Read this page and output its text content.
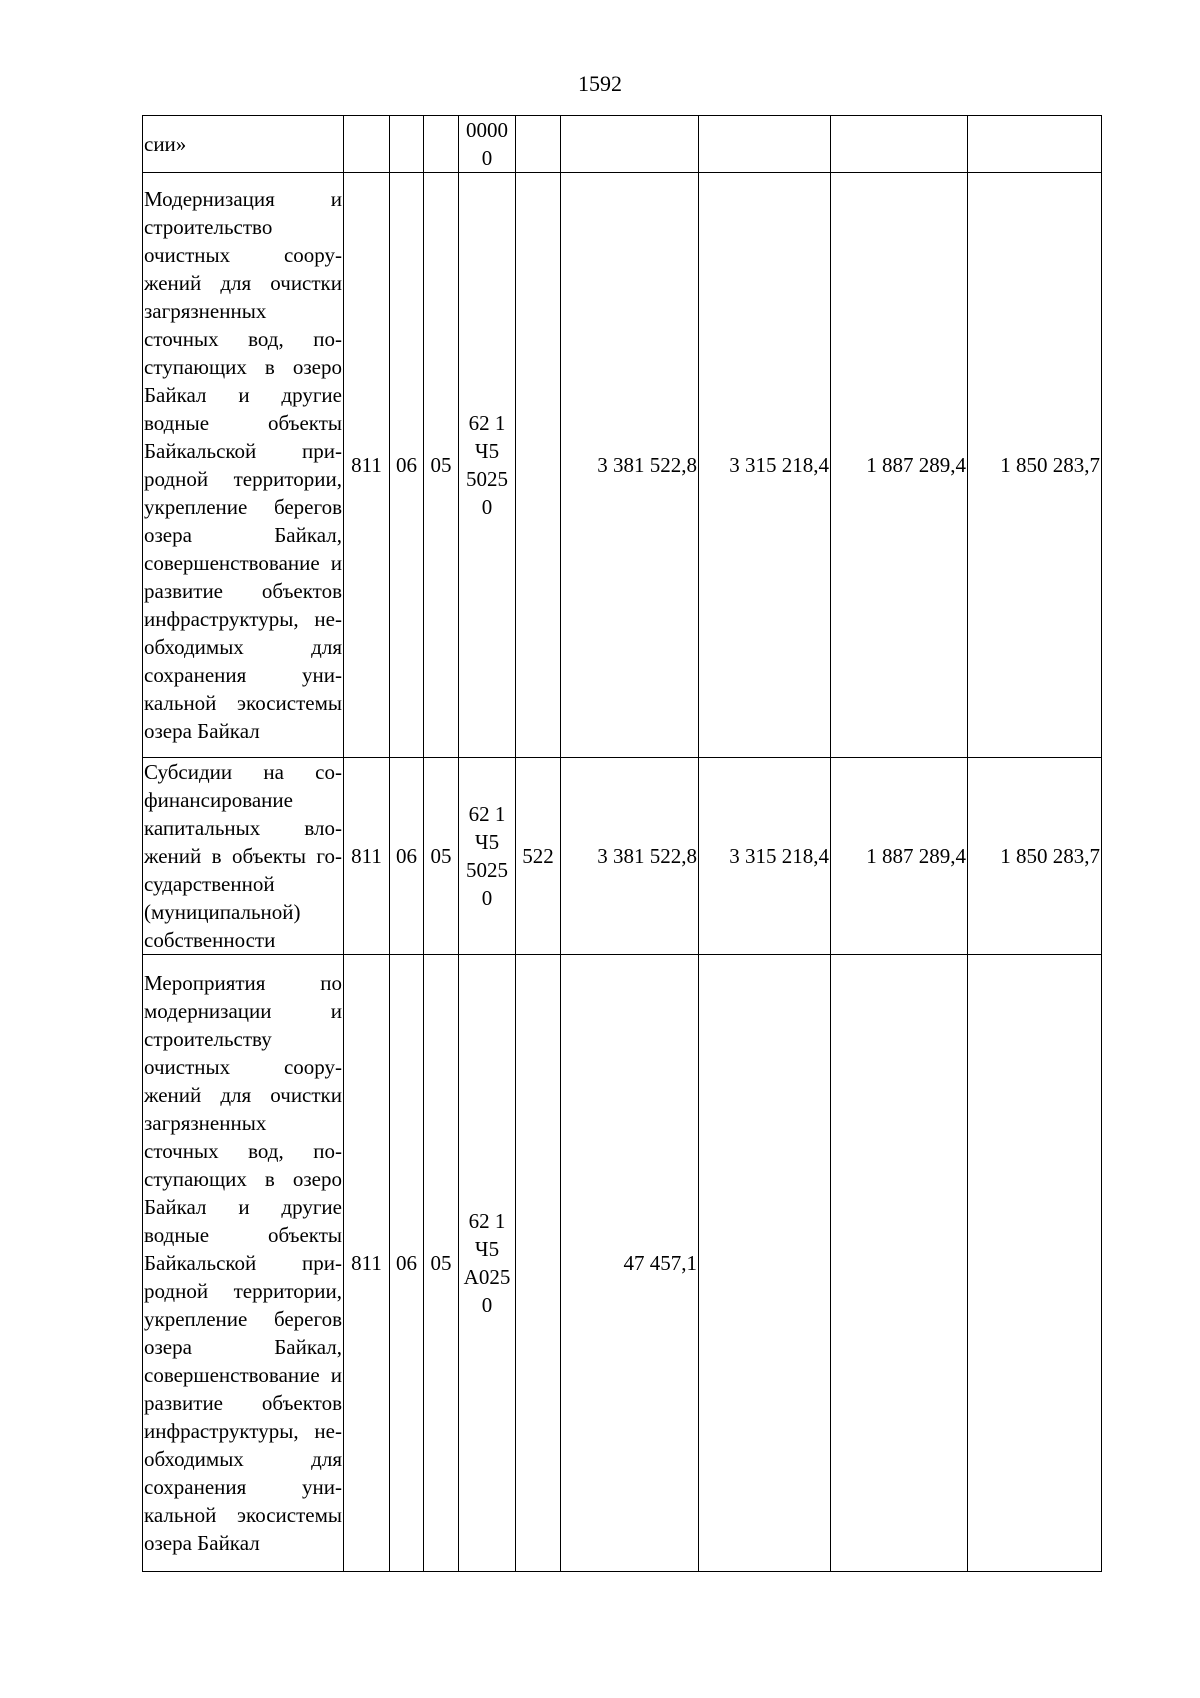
1592
сии»				0000 0					
Модернизация и строительство очистных сооружений для очистки загрязненных сточных вод, поступающих в озеро Байкал и другие водные объекты Байкальской природной территории, укрепление берегов озера Байкал, совершенствование и развитие объектов инфраструктуры, необходимых для сохранения уникальной экосистемы озера Байкал	811	06	05	62 1 Ч5 5025 0		3 381 522,8	3 315 218,4	1 887 289,4	1 850 283,7
Субсидии на софинансирование капитальных вложений в объекты го-сударственной (муниципальной) собственности	811	06	05	62 1 Ч5 5025 0	522	3 381 522,8	3 315 218,4	1 887 289,4	1 850 283,7
Мероприятия по модернизации и строительству очистных сооружений для очистки загрязненных сточных вод, поступающих в озеро Байкал и другие водные объекты Байкальской природной территории, укрепление берегов озера Байкал, совершенствование и развитие объектов инфраструктуры, необходимых для сохранения уникальной экосистемы озера Байкал	811	06	05	62 1 Ч5 А025 0		47 457,1			
